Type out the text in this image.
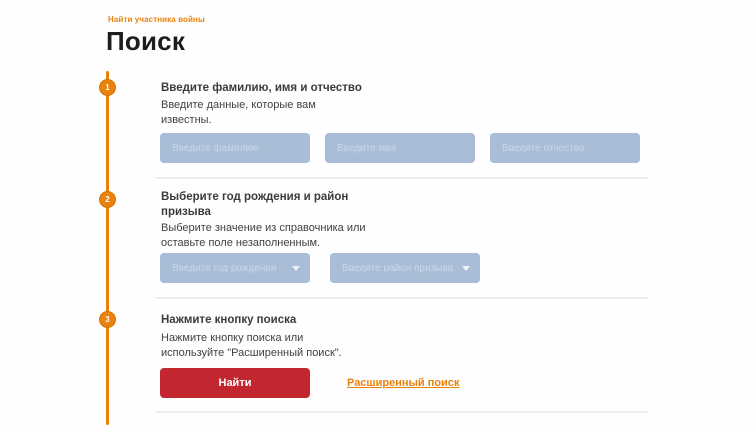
Найти участника войны
Поиск
1
2
3
Введите фамилию, имя и отчество
Введите данные, которые вам известны.
Введите фамилию
Введите имя
Введите отчество
Выберите год рождения и район призыва
Выберите значение из справочника или оставьте поле незаполненным.
Введите год рождения	Введите район призыва
Нажмите кнопку поиска
Нажмите кнопку поиска или используйте "Расширенный поиск".
Найти	Расширенный поиск
